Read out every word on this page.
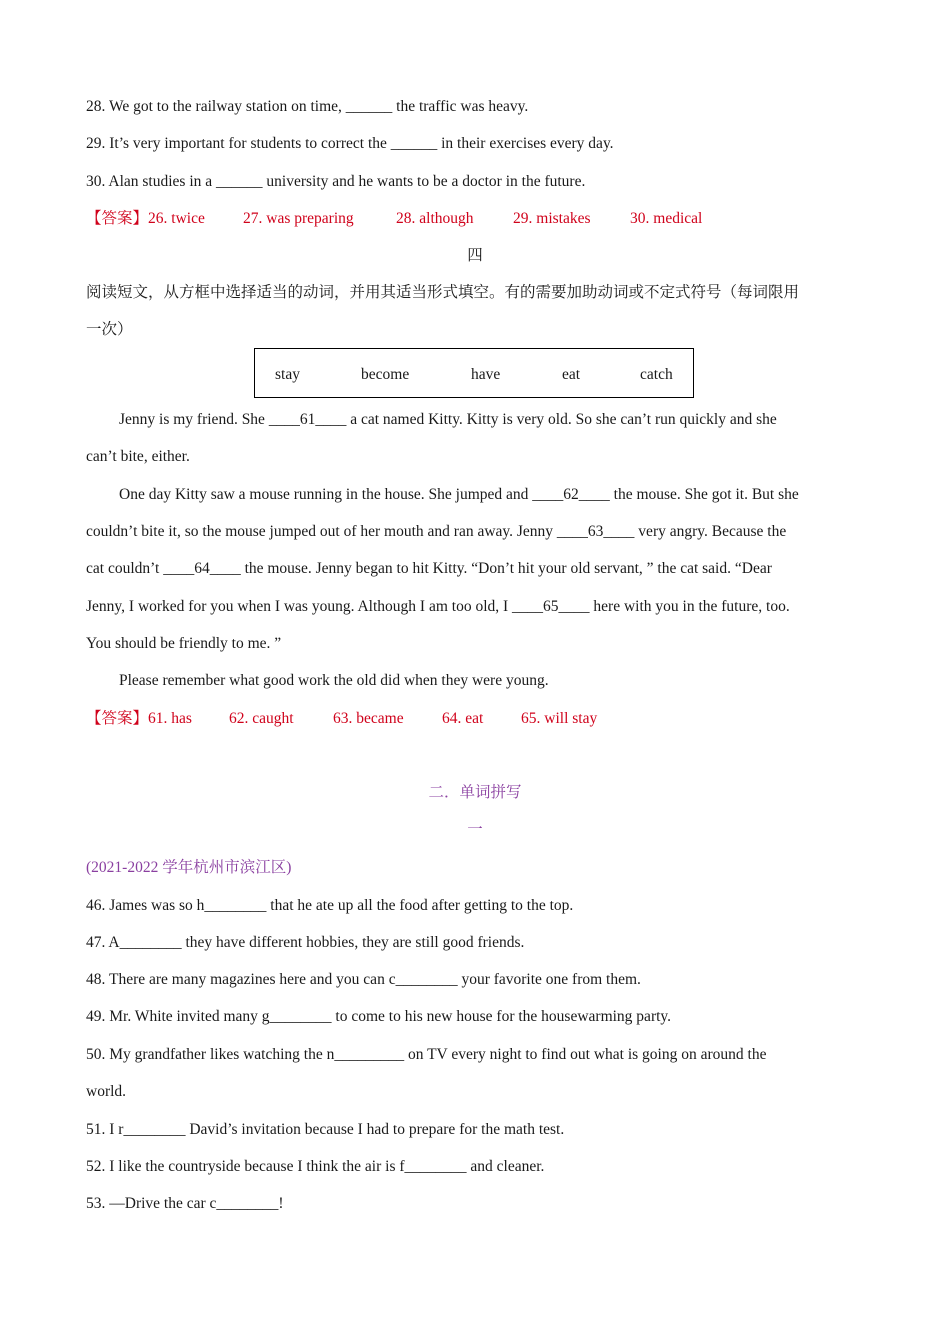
28. We got to the railway station on time, ______ the traffic was heavy.
29. It’s very important for students to correct the ______ in their exercises every day.
30. Alan studies in a ______ university and he wants to be a doctor in the future.
【答案】26. twice 27. was preparing	28. although	29. mistakes	30. medical
四
阅读短文，从方框中选择适当的动词，并用其适当形式填空。有的需要加助动词或不定式符号（每词限用
一次）
stay	become	have	eat	catch
Jenny is my friend. She ____61____ a cat named Kitty. Kitty is very old. So she can’t run quickly and she
can’t bite, either.
One day Kitty saw a mouse running in the house. She jumped and ____62____ the mouse. She got it. But she
couldn’t bite it, so the mouse jumped out of her mouth and ran away. Jenny ____63____ very angry. Because the
cat couldn’t ____64____ the mouse. Jenny began to hit Kitty. “Don’t hit your old servant, ” the cat said. “Dear
Jenny, I worked for you when I was young. Although I am too old, I ____65____ here with you in the future, too.
You should be friendly to me. ”
Please remember what good work the old did when they were young.
【答案】61. has 62. caught	63. became 64. eat 65. will stay
二．单词拼写
一
(2021-2022 学年杭州市滨江区)
46. James was so h________ that he ate up all the food after getting to the top.
47. A________ they have different hobbies, they are still good friends.
48. There are many magazines here and you can c________ your favorite one from them.
49. Mr. White invited many g________ to come to his new house for the housewarming party.
50. My grandfather likes watching the n_________ on TV every night to find out what is going on around the
world.
51. I r________ David’s invitation because I had to prepare for the math test.
52. I like the countryside because I think the air is f________ and cleaner.
53. —Drive the car c________!
